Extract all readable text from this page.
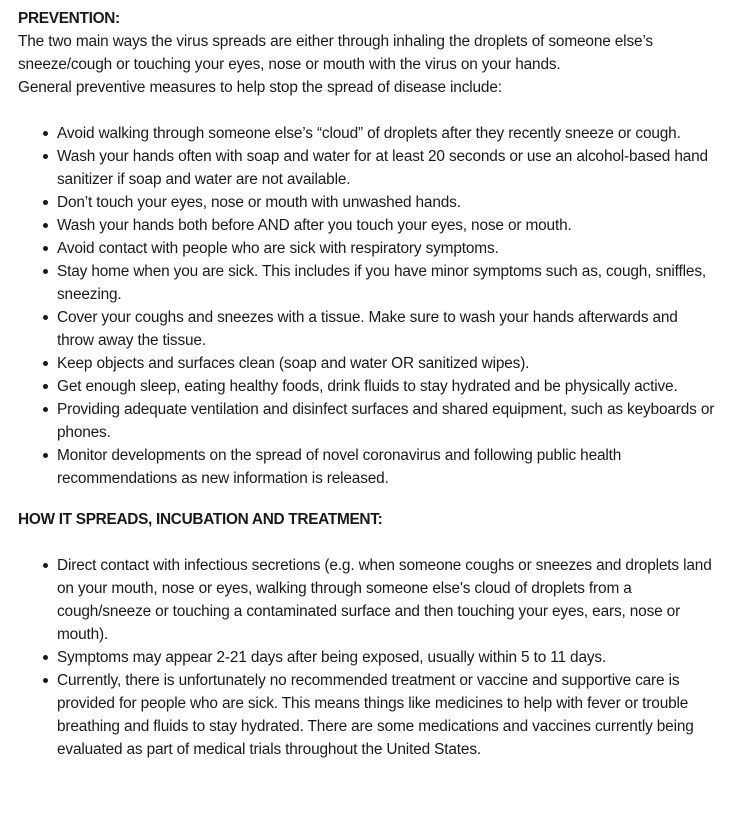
PREVENTION:

The two main ways the virus spreads are either through inhaling the droplets of someone else’s sneeze/cough or touching your eyes, nose or mouth with the virus on your hands.

General preventive measures to help stop the spread of disease include:

Avoid walking through someone else’s “cloud” of droplets after they recently sneeze or cough.
Wash your hands often with soap and water for at least 20 seconds or use an alcohol-based hand sanitizer if soap and water are not available.
Don’t touch your eyes, nose or mouth with unwashed hands.
Wash your hands both before AND after you touch your eyes, nose or mouth.
Avoid contact with people who are sick with respiratory symptoms.
Stay home when you are sick. This includes if you have minor symptoms such as, cough, sniffles, sneezing.
Cover your coughs and sneezes with a tissue. Make sure to wash your hands afterwards and throw away the tissue.
Keep objects and surfaces clean (soap and water OR sanitized wipes).
Get enough sleep, eating healthy foods, drink fluids to stay hydrated and be physically active.
Providing adequate ventilation and disinfect surfaces and shared equipment, such as keyboards or phones.
Monitor developments on the spread of novel coronavirus and following public health recommendations as new information is released.

HOW IT SPREADS, INCUBATION AND TREATMENT:

Direct contact with infectious secretions (e.g. when someone coughs or sneezes and droplets land on your mouth, nose or eyes, walking through someone else's cloud of droplets from a cough/sneeze or touching a contaminated surface and then touching your eyes, ears, nose or mouth).
Symptoms may appear 2-21 days after being exposed, usually within 5 to 11 days.
Currently, there is unfortunately no recommended treatment or vaccine and supportive care is provided for people who are sick. This means things like medicines to help with fever or trouble breathing and fluids to stay hydrated. There are some medications and vaccines currently being evaluated as part of medical trials throughout the United States.
